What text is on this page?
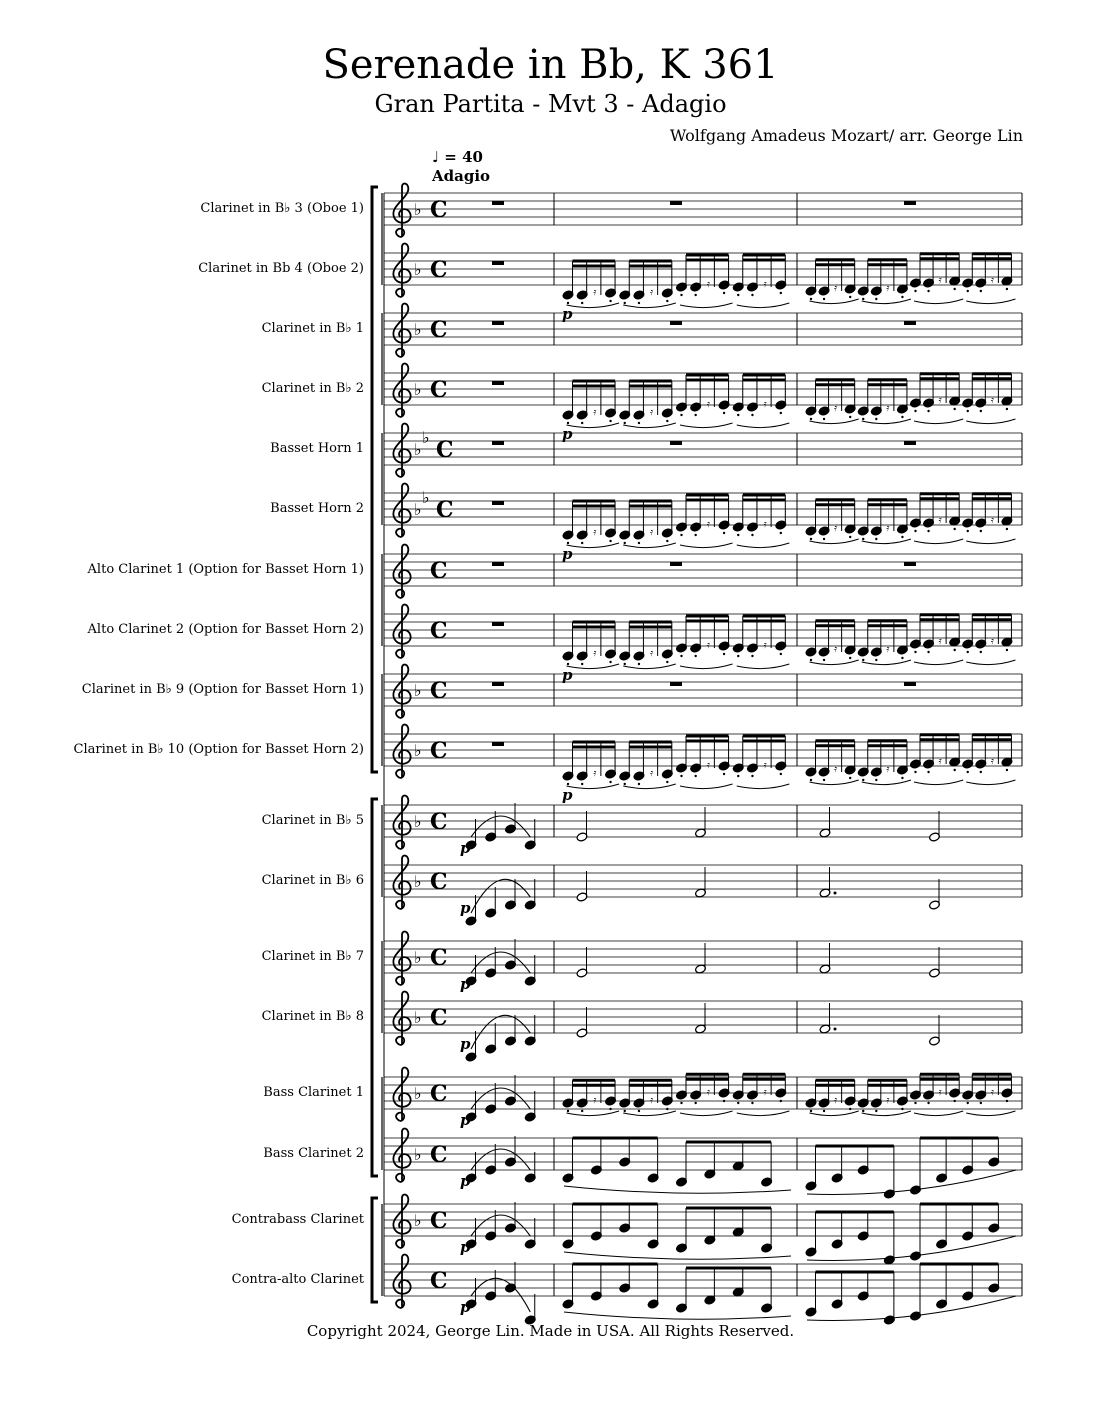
Serenade in Bb, K 361
Gran Partita - Mvt 3 - Adagio
Wolfgang Amadeus Mozart/ arr. George Lin
♩ = 40
Adagio
Clarinet in B♭ 3 (Oboe 1)
Clarinet in Bb 4 (Oboe 2)
Clarinet in B♭ 1
Clarinet in B♭ 2
Basset Horn 1
Basset Horn 2
Alto Clarinet 1 (Option for Basset Horn 1)
Alto Clarinet 2 (Option for Basset Horn 2)
Clarinet in B♭ 9 (Option for Basset Horn 1)
Clarinet in B♭ 10 (Option for Basset Horn 2)
Clarinet in B♭ 5
Clarinet in B♭ 6
Clarinet in B♭ 7
Clarinet in B♭ 8
Bass Clarinet 1
Bass Clarinet 2
Contrabass Clarinet
Contra-alto Clarinet
♭ C
♭ C
𝄿	𝄿
𝄿	𝄿	𝄿	𝄿
𝄿	𝄿
p
♭ C
♭ C
𝄿	𝄿
𝄿	𝄿	𝄿	𝄿
𝄿	𝄿
p
♭
♭ C
♭
♭ C
𝄿	𝄿
𝄿	𝄿	𝄿	𝄿
𝄿	𝄿
p
C
C
𝄿	𝄿
𝄿	𝄿	𝄿	𝄿
𝄿	𝄿
p
♭ C
♭ C
𝄿	𝄿
𝄿	𝄿	𝄿	𝄿
𝄿	𝄿
p
♭ C
p
♭ C
p
♭ C
p
♭ C
p
♭ C	𝄿	𝄿
𝄿	𝄿
𝄿	𝄿
𝄿	𝄿
p
♭ C
p
♭ C
p
C
p
Copyright 2024, George Lin. Made in USA. All Rights Reserved.
